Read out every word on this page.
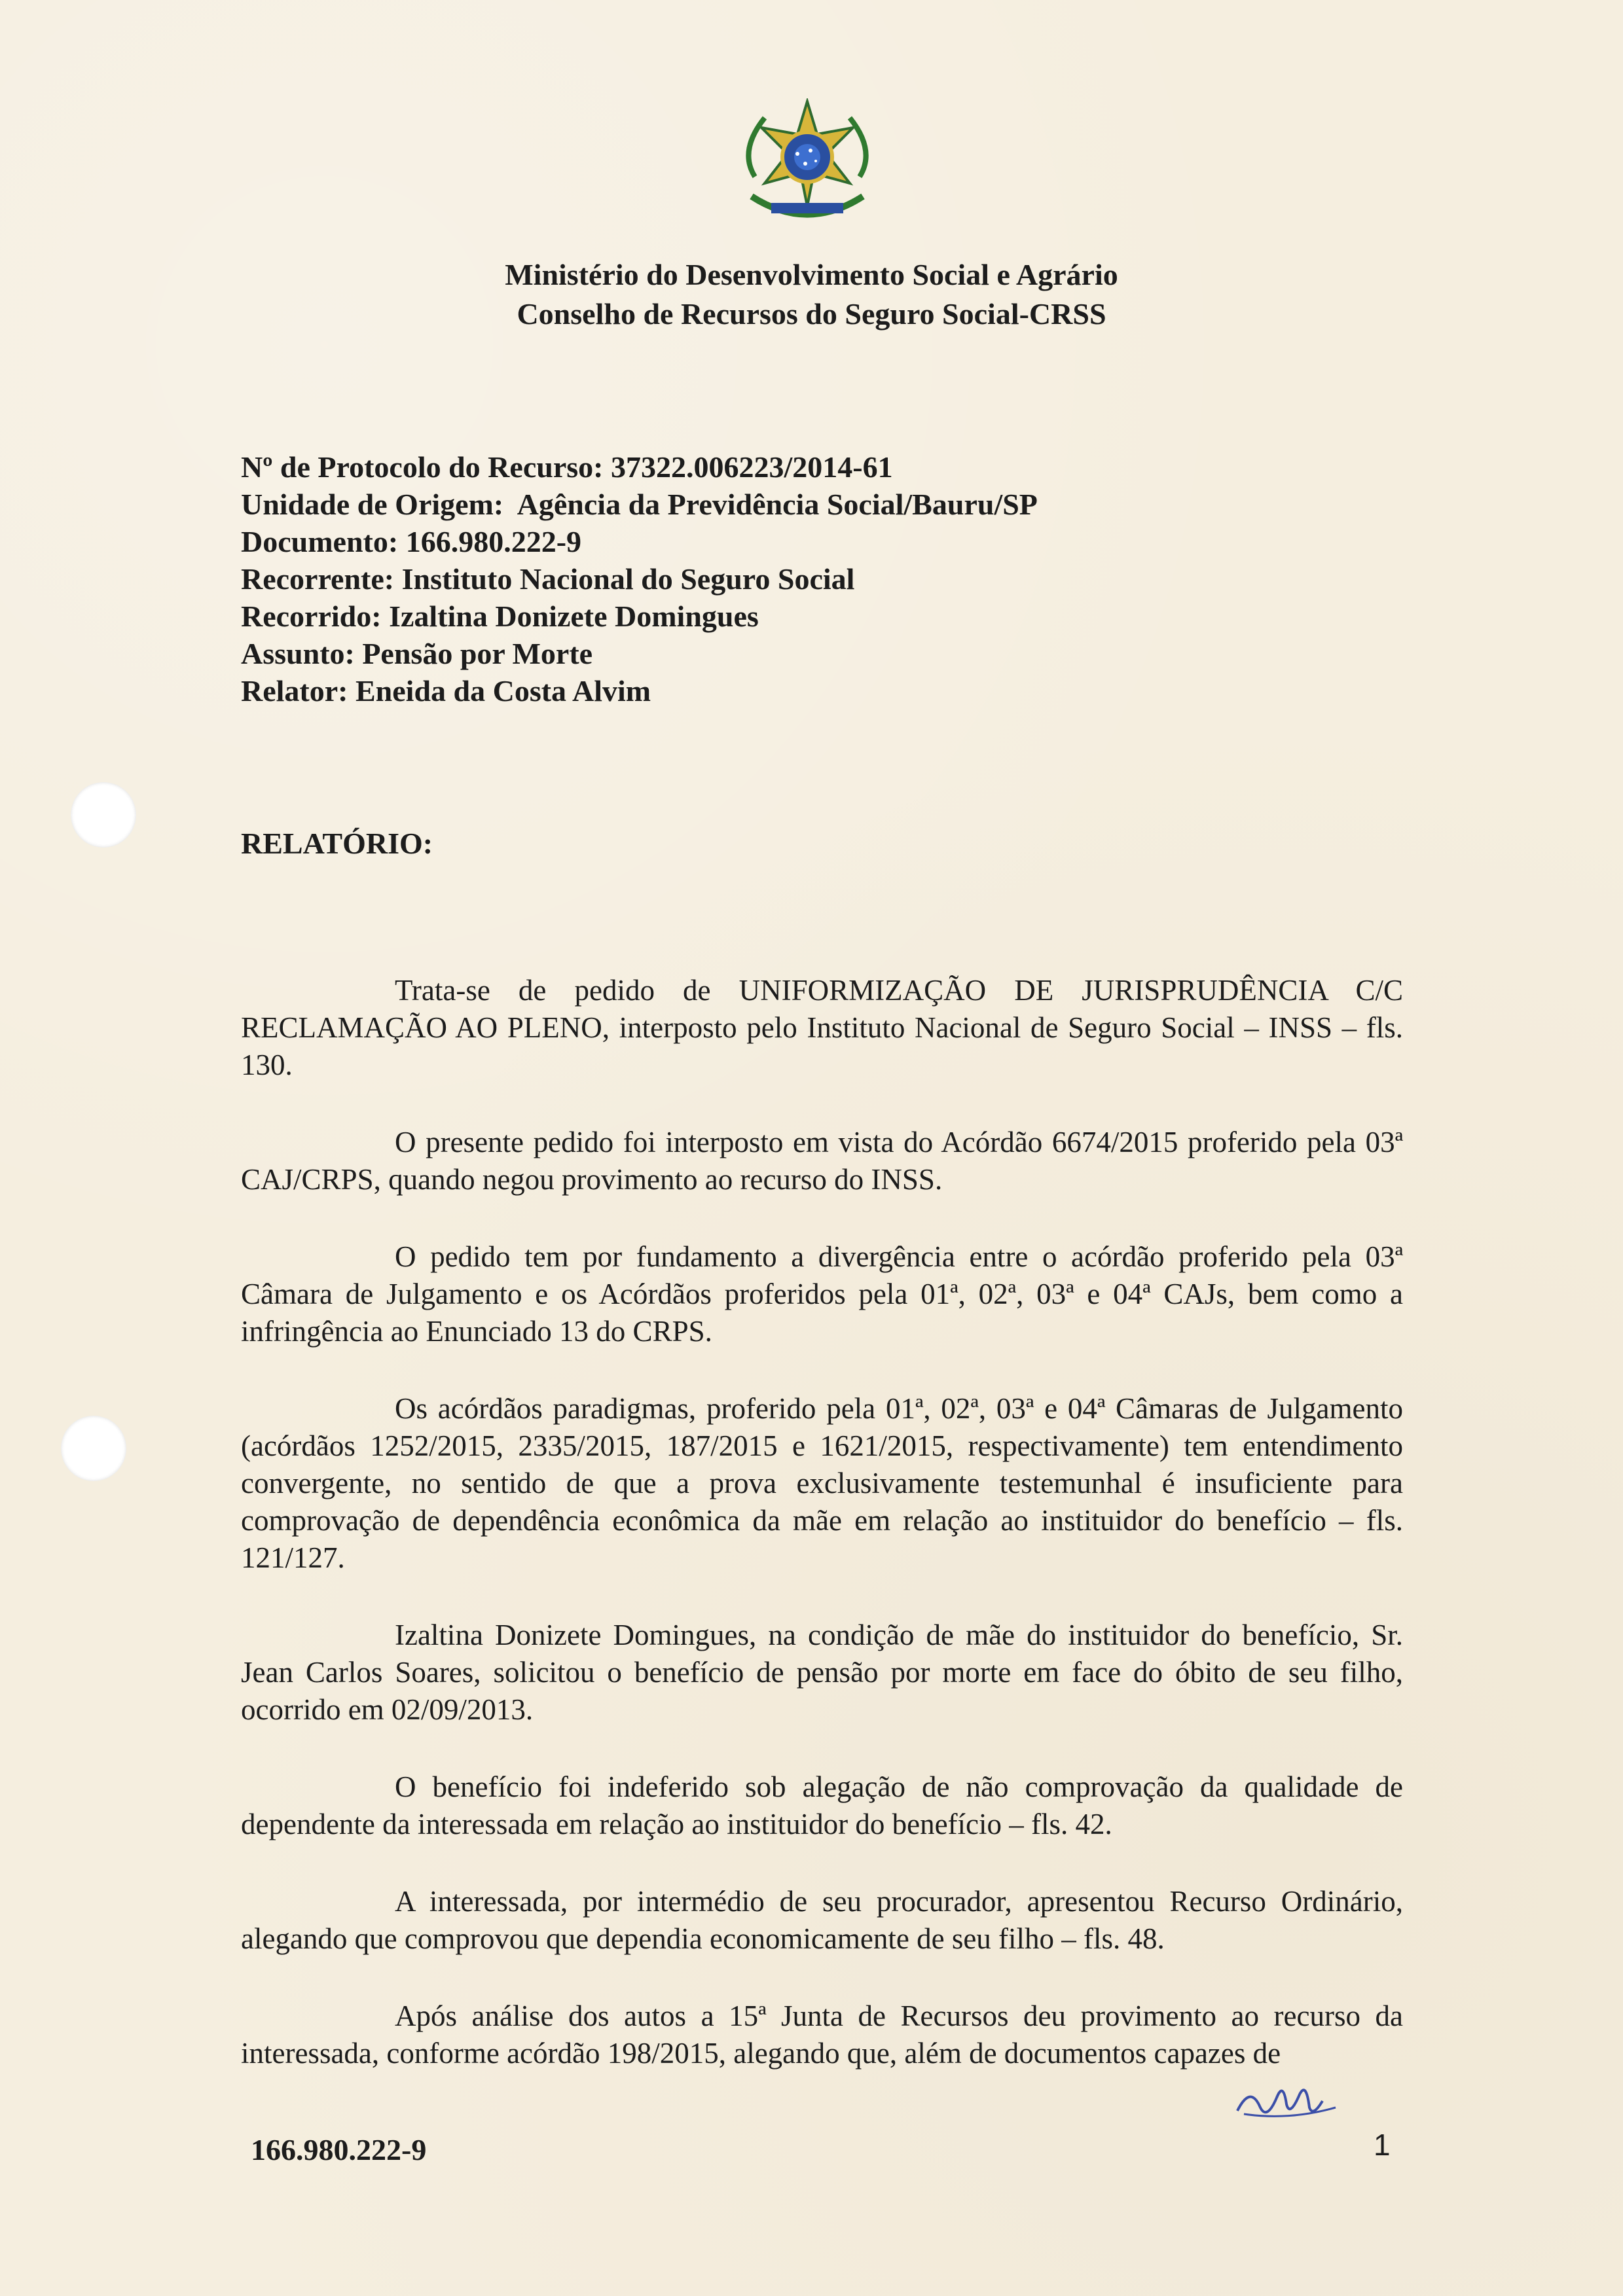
Ministério do Desenvolvimento Social e Agrário
Conselho de Recursos do Seguro Social-CRSS
Nº de Protocolo do Recurso: 37322.006223/2014-61
Unidade de Origem: Agência da Previdência Social/Bauru/SP
Documento: 166.980.222-9
Recorrente: Instituto Nacional do Seguro Social
Recorrido: Izaltina Donizete Domingues
Assunto: Pensão por Morte
Relator: Eneida da Costa Alvim
RELATÓRIO:

Trata-se de pedido de UNIFORMIZAÇÃO DE JURISPRUDÊNCIA C/C RECLAMAÇÃO AO PLENO, interposto pelo Instituto Nacional de Seguro Social – INSS – fls. 130.

O presente pedido foi interposto em vista do Acórdão 6674/2015 proferido pela 03ª CAJ/CRPS, quando negou provimento ao recurso do INSS.

O pedido tem por fundamento a divergência entre o acórdão proferido pela 03ª Câmara de Julgamento e os Acórdãos proferidos pela 01ª, 02ª, 03ª e 04ª CAJs, bem como a infringência ao Enunciado 13 do CRPS.

Os acórdãos paradigmas, proferido pela 01ª, 02ª, 03ª e 04ª Câmaras de Julgamento (acórdãos 1252/2015, 2335/2015, 187/2015 e 1621/2015, respectivamente) tem entendimento convergente, no sentido de que a prova exclusivamente testemunhal é insuficiente para comprovação de dependência econômica da mãe em relação ao instituidor do benefício – fls. 121/127.

Izaltina Donizete Domingues, na condição de mãe do instituidor do benefício, Sr. Jean Carlos Soares, solicitou o benefício de pensão por morte em face do óbito de seu filho, ocorrido em 02/09/2013.

O benefício foi indeferido sob alegação de não comprovação da qualidade de dependente da interessada em relação ao instituidor do benefício – fls. 42.

A interessada, por intermédio de seu procurador, apresentou Recurso Ordinário, alegando que comprovou que dependia economicamente de seu filho – fls. 48.

Após análise dos autos a 15ª Junta de Recursos deu provimento ao recurso da interessada, conforme acórdão 198/2015, alegando que, além de documentos capazes de

166.980.222-9	1
